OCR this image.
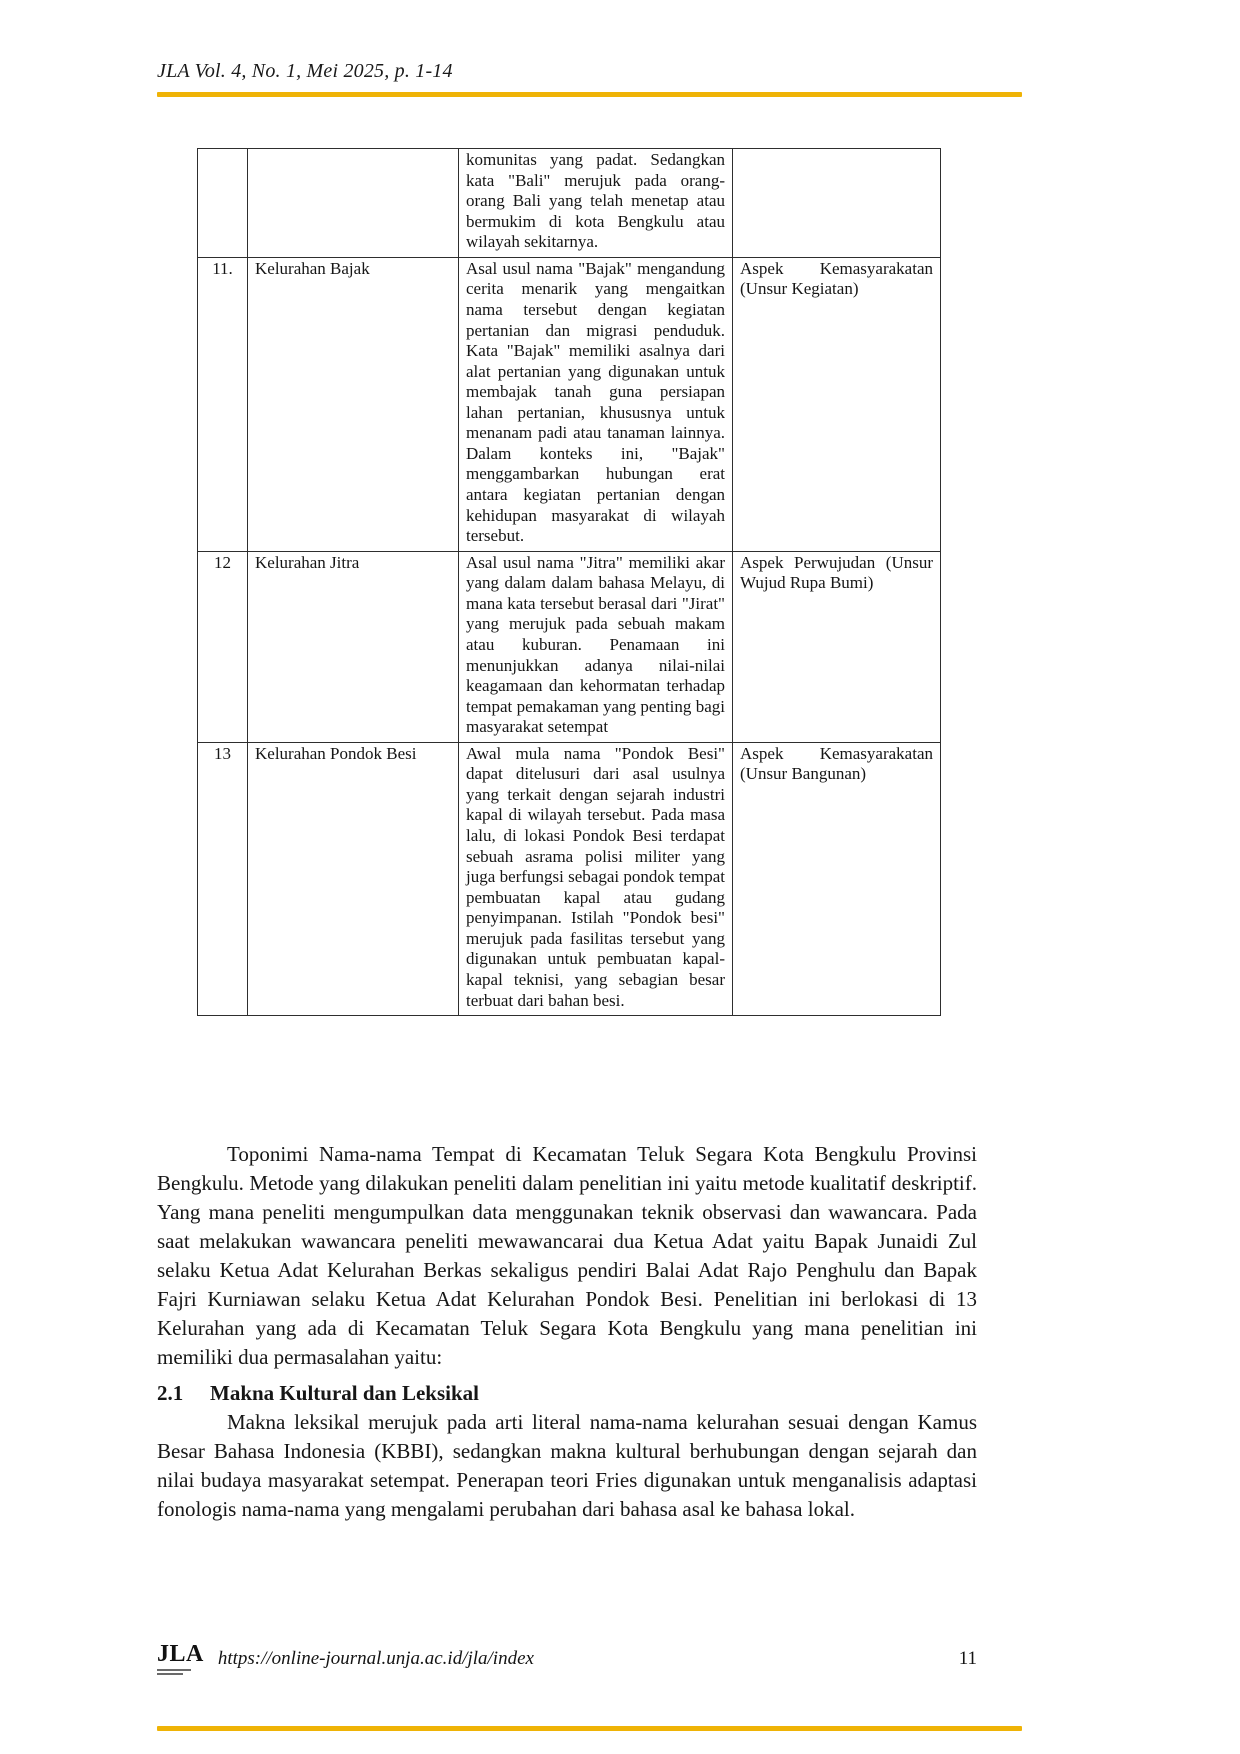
JLA Vol. 4, No. 1, Mei 2025, p. 1-14
		komunitas yang padat. Sedangkan kata "Bali" merujuk pada orang-orang Bali yang telah menetap atau bermukim di kota Bengkulu atau wilayah sekitarnya.	
11.	Kelurahan Bajak	Asal usul nama "Bajak" mengandung cerita menarik yang mengaitkan nama tersebut dengan kegiatan pertanian dan migrasi penduduk. Kata "Bajak" memiliki asalnya dari alat pertanian yang digunakan untuk membajak tanah guna persiapan lahan pertanian, khususnya untuk menanam padi atau tanaman lainnya. Dalam konteks ini, "Bajak" menggambarkan hubungan erat antara kegiatan pertanian dengan kehidupan masyarakat di wilayah tersebut.	Aspek Kemasyarakatan (Unsur Kegiatan)
12	Kelurahan Jitra	Asal usul nama "Jitra" memiliki akar yang dalam dalam bahasa Melayu, di mana kata tersebut berasal dari "Jirat" yang merujuk pada sebuah makam atau kuburan. Penamaan ini menunjukkan adanya nilai-nilai keagamaan dan kehormatan terhadap tempat pemakaman yang penting bagi masyarakat setempat	Aspek Perwujudan (Unsur Wujud Rupa Bumi)
13	Kelurahan Pondok Besi	Awal mula nama "Pondok Besi" dapat ditelusuri dari asal usulnya yang terkait dengan sejarah industri kapal di wilayah tersebut. Pada masa lalu, di lokasi Pondok Besi terdapat sebuah asrama polisi militer yang juga berfungsi sebagai pondok tempat pembuatan kapal atau gudang penyimpanan. Istilah "Pondok besi" merujuk pada fasilitas tersebut yang digunakan untuk pembuatan kapal-kapal teknisi, yang sebagian besar terbuat dari bahan besi.	Aspek Kemasyarakatan (Unsur Bangunan)

Toponimi Nama-nama Tempat di Kecamatan Teluk Segara Kota Bengkulu Provinsi Bengkulu. Metode yang dilakukan peneliti dalam penelitian ini yaitu metode kualitatif deskriptif. Yang mana peneliti mengumpulkan data menggunakan teknik observasi dan wawancara. Pada saat melakukan wawancara peneliti mewawancarai dua Ketua Adat yaitu Bapak Junaidi Zul selaku Ketua Adat Kelurahan Berkas sekaligus pendiri Balai Adat Rajo Penghulu dan Bapak Fajri Kurniawan selaku Ketua Adat Kelurahan Pondok Besi. Penelitian ini berlokasi di 13 Kelurahan yang ada di Kecamatan Teluk Segara Kota Bengkulu yang mana penelitian ini memiliki dua permasalahan yaitu:

2.1	Makna Kultural dan Leksikal

Makna leksikal merujuk pada arti literal nama-nama kelurahan sesuai dengan Kamus Besar Bahasa Indonesia (KBBI), sedangkan makna kultural berhubungan dengan sejarah dan nilai budaya masyarakat setempat. Penerapan teori Fries digunakan untuk menganalisis adaptasi fonologis nama-nama yang mengalami perubahan dari bahasa asal ke bahasa lokal.

JLA https://online-journal.unja.ac.id/jla/index	11
